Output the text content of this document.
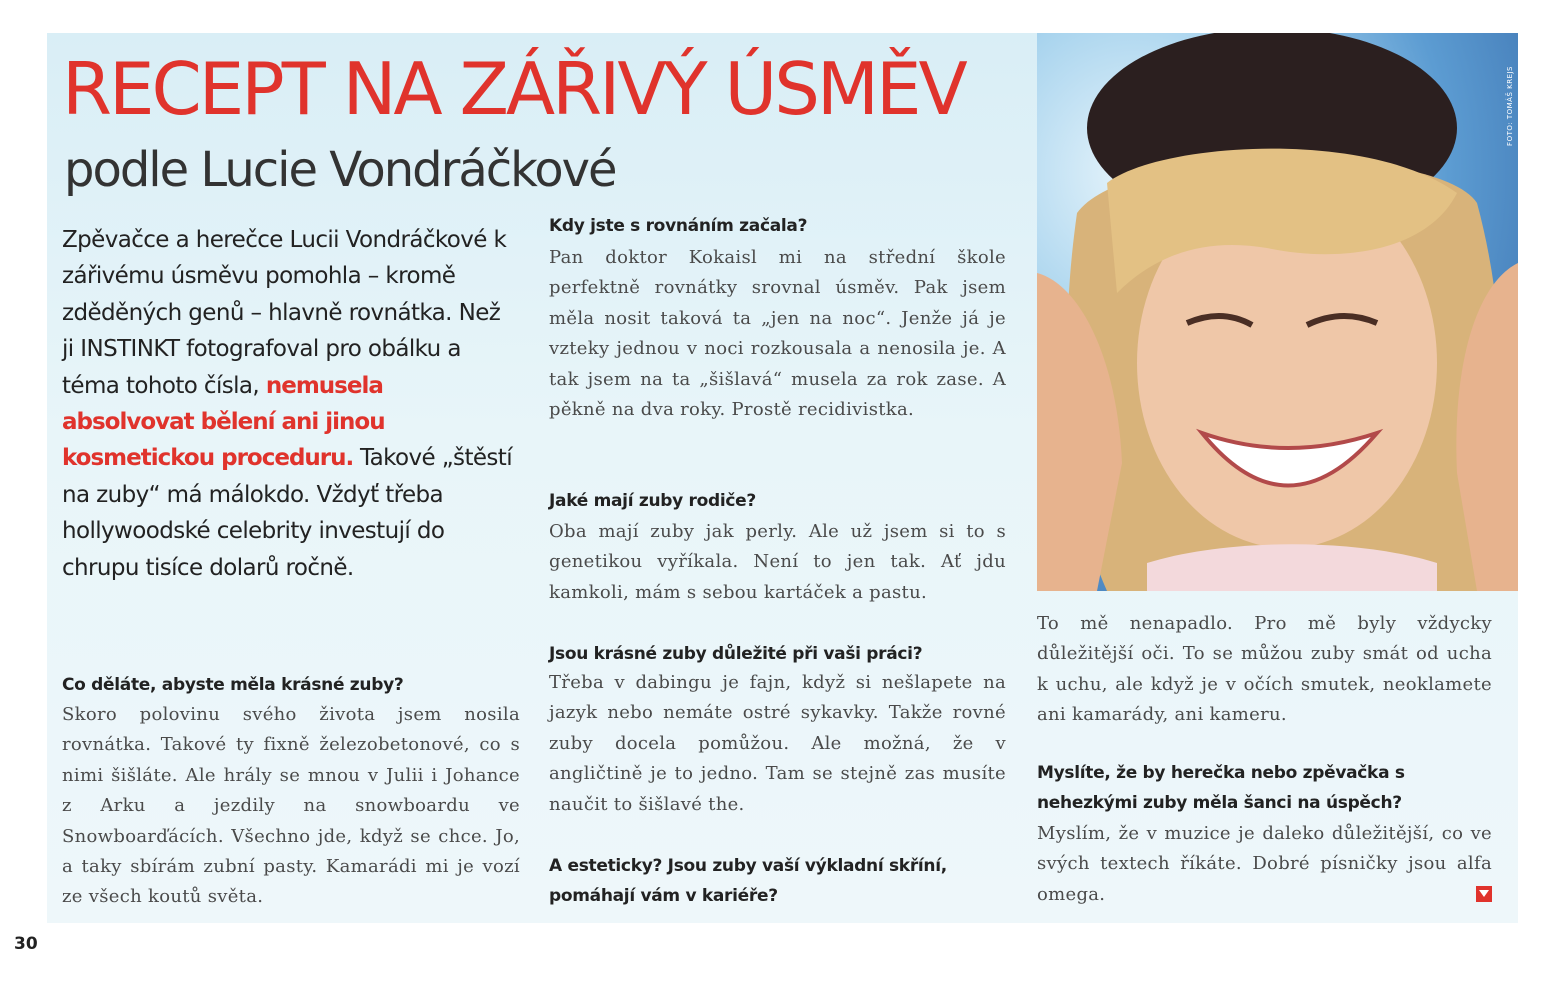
RECEPT NA ZÁŘIVÝ ÚSMĚV
podle Lucie Vondráčkové

Zpěvačce a herečce Lucii Vondráčkové k zářivému úsměvu pomohla – kromě zděděných genů – hlavně rovnátka. Než ji INSTINKT fotografoval pro obálku a téma tohoto čísla, nemusela absolvovat bělení ani jinou kosmetickou proceduru. Takové „štěstí na zuby“ má málokdo. Vždyť třeba hollywoodské celebrity investují do chrupu tisíce dolarů ročně.

Co děláte, abyste měla krásné zuby?

Skoro polovinu svého života jsem nosila rovnátka. Takové ty fixně železobetonové, co s nimi šišláte. Ale hrály se mnou v Julii i Johance z Arku a jezdily na snowboardu ve Snowboarďácích. Všechno jde, když se chce. Jo, a taky sbírám zubní pasty. Kamarádi mi je vozí ze všech koutů světa.

Kdy jste s rovnáním začala?

Pan doktor Kokaisl mi na střední škole perfektně rovnátky srovnal úsměv. Pak jsem měla nosit taková ta „jen na noc“. Jenže já je vzteky jednou v noci rozkousala a nenosila je. A tak jsem na ta „šišlavá“ musela za rok zase. A pěkně na dva roky. Prostě recidivistka.

Jaké mají zuby rodiče?

Oba mají zuby jak perly. Ale už jsem si to s genetikou vyříkala. Není to jen tak. Ať jdu kamkoli, mám s sebou kartáček a pastu.

Jsou krásné zuby důležité při vaši práci?

Třeba v dabingu je fajn, když si nešlapete na jazyk nebo nemáte ostré sykavky. Takže rovné zuby docela pomůžou. Ale možná, že v angličtině je to jedno. Tam se stejně zas musíte naučit to šišlavé the.

A esteticky? Jsou zuby vaší výkladní skříní, pomáhají vám v kariéře?

To mě nenapadlo. Pro mě byly vždycky důležitější oči. To se můžou zuby smát od ucha k uchu, ale když je v očích smutek, neoklamete ani kamarády, ani kameru.

Myslíte, že by herečka nebo zpěvačka s nehezkými zuby měla šanci na úspěch?

Myslím, že v muzice je daleko důležitější, co ve svých textech říkáte. Dobré písničky jsou alfa omega.

FOTO: TOMÁŠ KREJS

30
